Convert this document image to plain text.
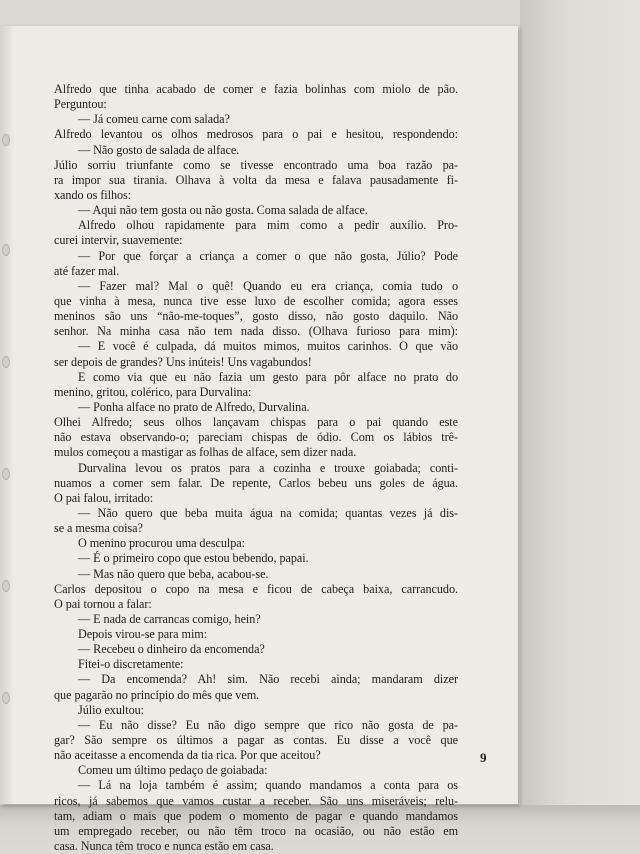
Alfredo que tinha acabado de comer e fazia bolinhas com miolo de pão.
Perguntou:
— Já comeu carne com salada?
Alfredo levantou os olhos medrosos para o pai e hesitou, respondendo:
— Não gosto de salada de alface.
Júlio sorriu triunfante como se tivesse encontrado uma boa razão pa-
ra impor sua tirania. Olhava à volta da mesa e falava pausadamente fi-
xando os filhos:
— Aqui não tem gosta ou não gosta. Coma salada de alface.
Alfredo olhou rapidamente para mim como a pedir auxílio. Pro-
curei intervir, suavemente:
— Por que forçar a criança a comer o que não gosta, Júlio? Pode
até fazer mal.
— Fazer mal? Mal o quê! Quando eu era criança, comia tudo o
que vinha à mesa, nunca tive esse luxo de escolher comida; agora esses
meninos são uns “não-me-toques”, gosto disso, não gosto daquilo. Não
senhor. Na minha casa não tem nada disso. (Olhava furioso para mim):
— E você é culpada, dá muitos mimos, muitos carinhos. O que vão
ser depois de grandes? Uns inúteis! Uns vagabundos!
E como via que eu não fazia um gesto para pôr alface no prato do
menino, gritou, colérico, para Durvalina:
— Ponha alface no prato de Alfredo, Durvalina.
Olhei Alfredo; seus olhos lançavam chispas para o pai quando este
não estava observando-o; pareciam chispas de ódio. Com os lábios trê-
mulos começou a mastigar as folhas de alface, sem dizer nada.
Durvalina levou os pratos para a cozinha e trouxe goiabada; conti-
nuamos a comer sem falar. De repente, Carlos bebeu uns goles de água.
O pai falou, irritado:
— Não quero que beba muita água na comida; quantas vezes já dis-
se a mesma coisa?
O menino procurou uma desculpa:
— É o primeiro copo que estou bebendo, papai.
— Mas não quero que beba, acabou-se.
Carlos depositou o copo na mesa e ficou de cabeça baixa, carrancudo.
O pai tornou a falar:
— E nada de carrancas comigo, hein?
Depois virou-se para mim:
— Recebeu o dinheiro da encomenda?
Fitei-o discretamente:
— Da encomenda? Ah! sim. Não recebi ainda; mandaram dizer
que pagarão no princípio do mês que vem.
Júlio exultou:
— Eu não disse? Eu não digo sempre que rico não gosta de pa-
gar? São sempre os últimos a pagar as contas. Eu disse a você que
não aceitasse a encomenda da tia rica. Por que aceitou?
Comeu um último pedaço de goiabada:
— Lá na loja também é assim; quando mandamos a conta para os
ricos, já sabemos que vamos custar a receber. São uns miseráveis; relu-
tam, adiam o mais que podem o momento de pagar e quando mandamos
um empregado receber, ou não têm troco na ocasião, ou não estão em
casa. Nunca têm troco e nunca estão em casa.
9
